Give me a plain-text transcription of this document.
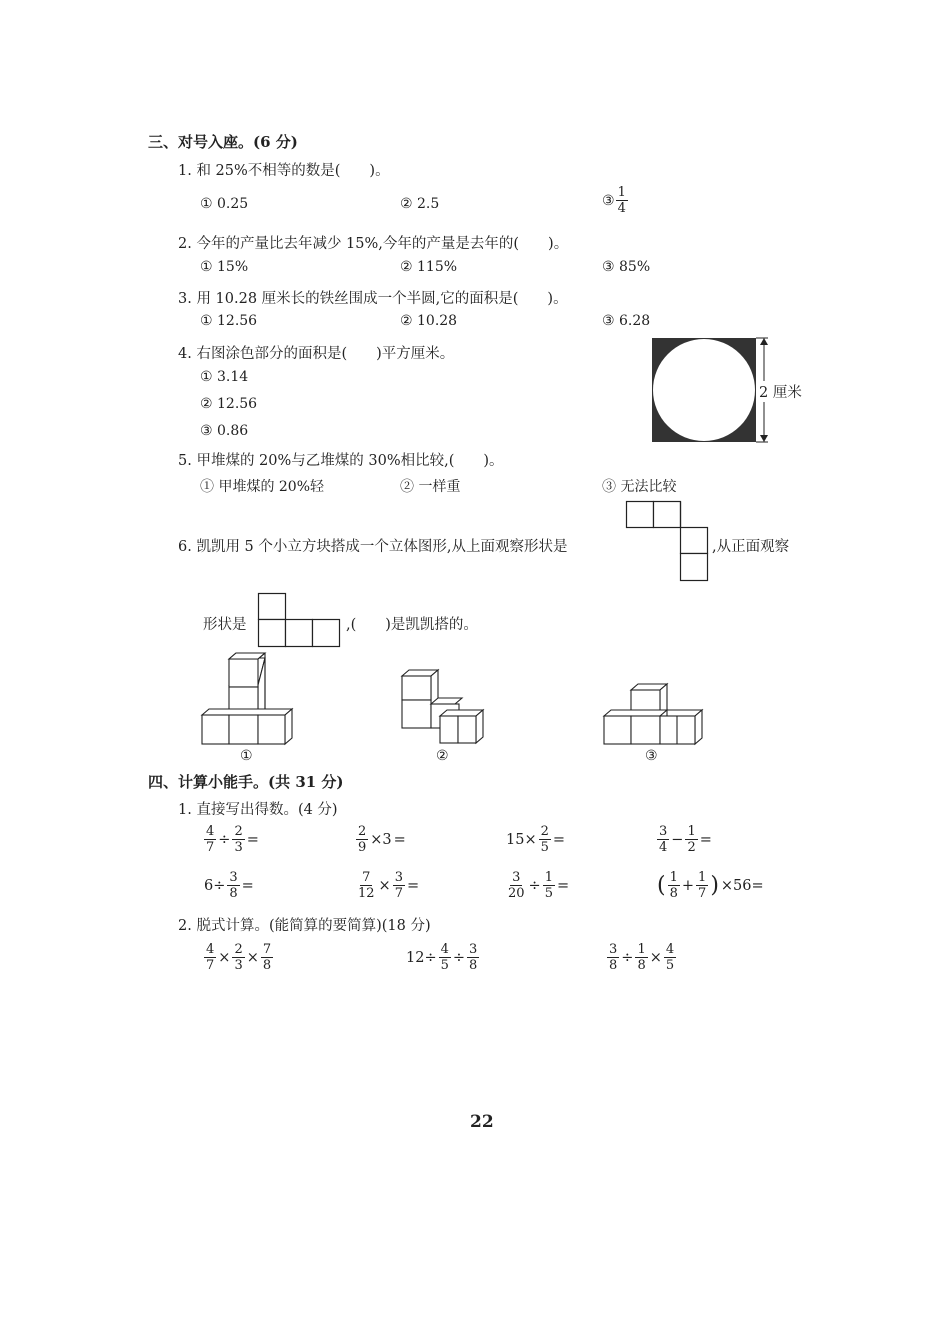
三、对号入座。(6 分)
1. 和 25%不相等的数是(　　)。
① 0.25	② 2.5	③ $\frac{1}{4}$
2. 今年的产量比去年减少 15%,今年的产量是去年的(　　)。
① 15%	② 115%	③ 85%
3. 用 10.28 厘米长的铁丝围成一个半圆,它的面积是(　　)。
① 12.56	② 10.28	③ 6.28
4. 右图涂色部分的面积是(　　)平方厘米。
① 3.14
② 12.56
③ 0.86
2 厘米
5. 甲堆煤的 20%与乙堆煤的 30%相比较,(　　)。
① 甲堆煤的 20%轻	② 一样重	③ 无法比较
6. 凯凯用 5 个小立方块搭成一个立体图形,从上面观察形状是	,从正面观察
形状是	,(　　)是凯凯搭的。
①	②	③
四、计算小能手。(共 31 分)
1. 直接写出得数。(4 分)
$\frac{4}{7} \div \frac{2}{3}$ =	$\frac{2}{9} \times 3$ =	$15\times \frac{2}{5}$ =	$\frac{3}{4} - \frac{1}{2}$ =
$6\div \frac{3}{8}$ =	$\frac{7}{12} \times \frac{3}{7}$ =	$\frac{3}{20} \div \frac{1}{5}$ =	( $\frac{1}{8} + \frac{1}{7}$ ) ×56=
2. 脱式计算。(能简算的要简算)(18 分)
$\frac{4}{7} \times \frac{2}{3} \times \frac{7}{8}$	$12\div \frac{4}{5} \div \frac{3}{8}$	$\frac{3}{8} \div \frac{1}{8} \times \frac{4}{5}$
22
